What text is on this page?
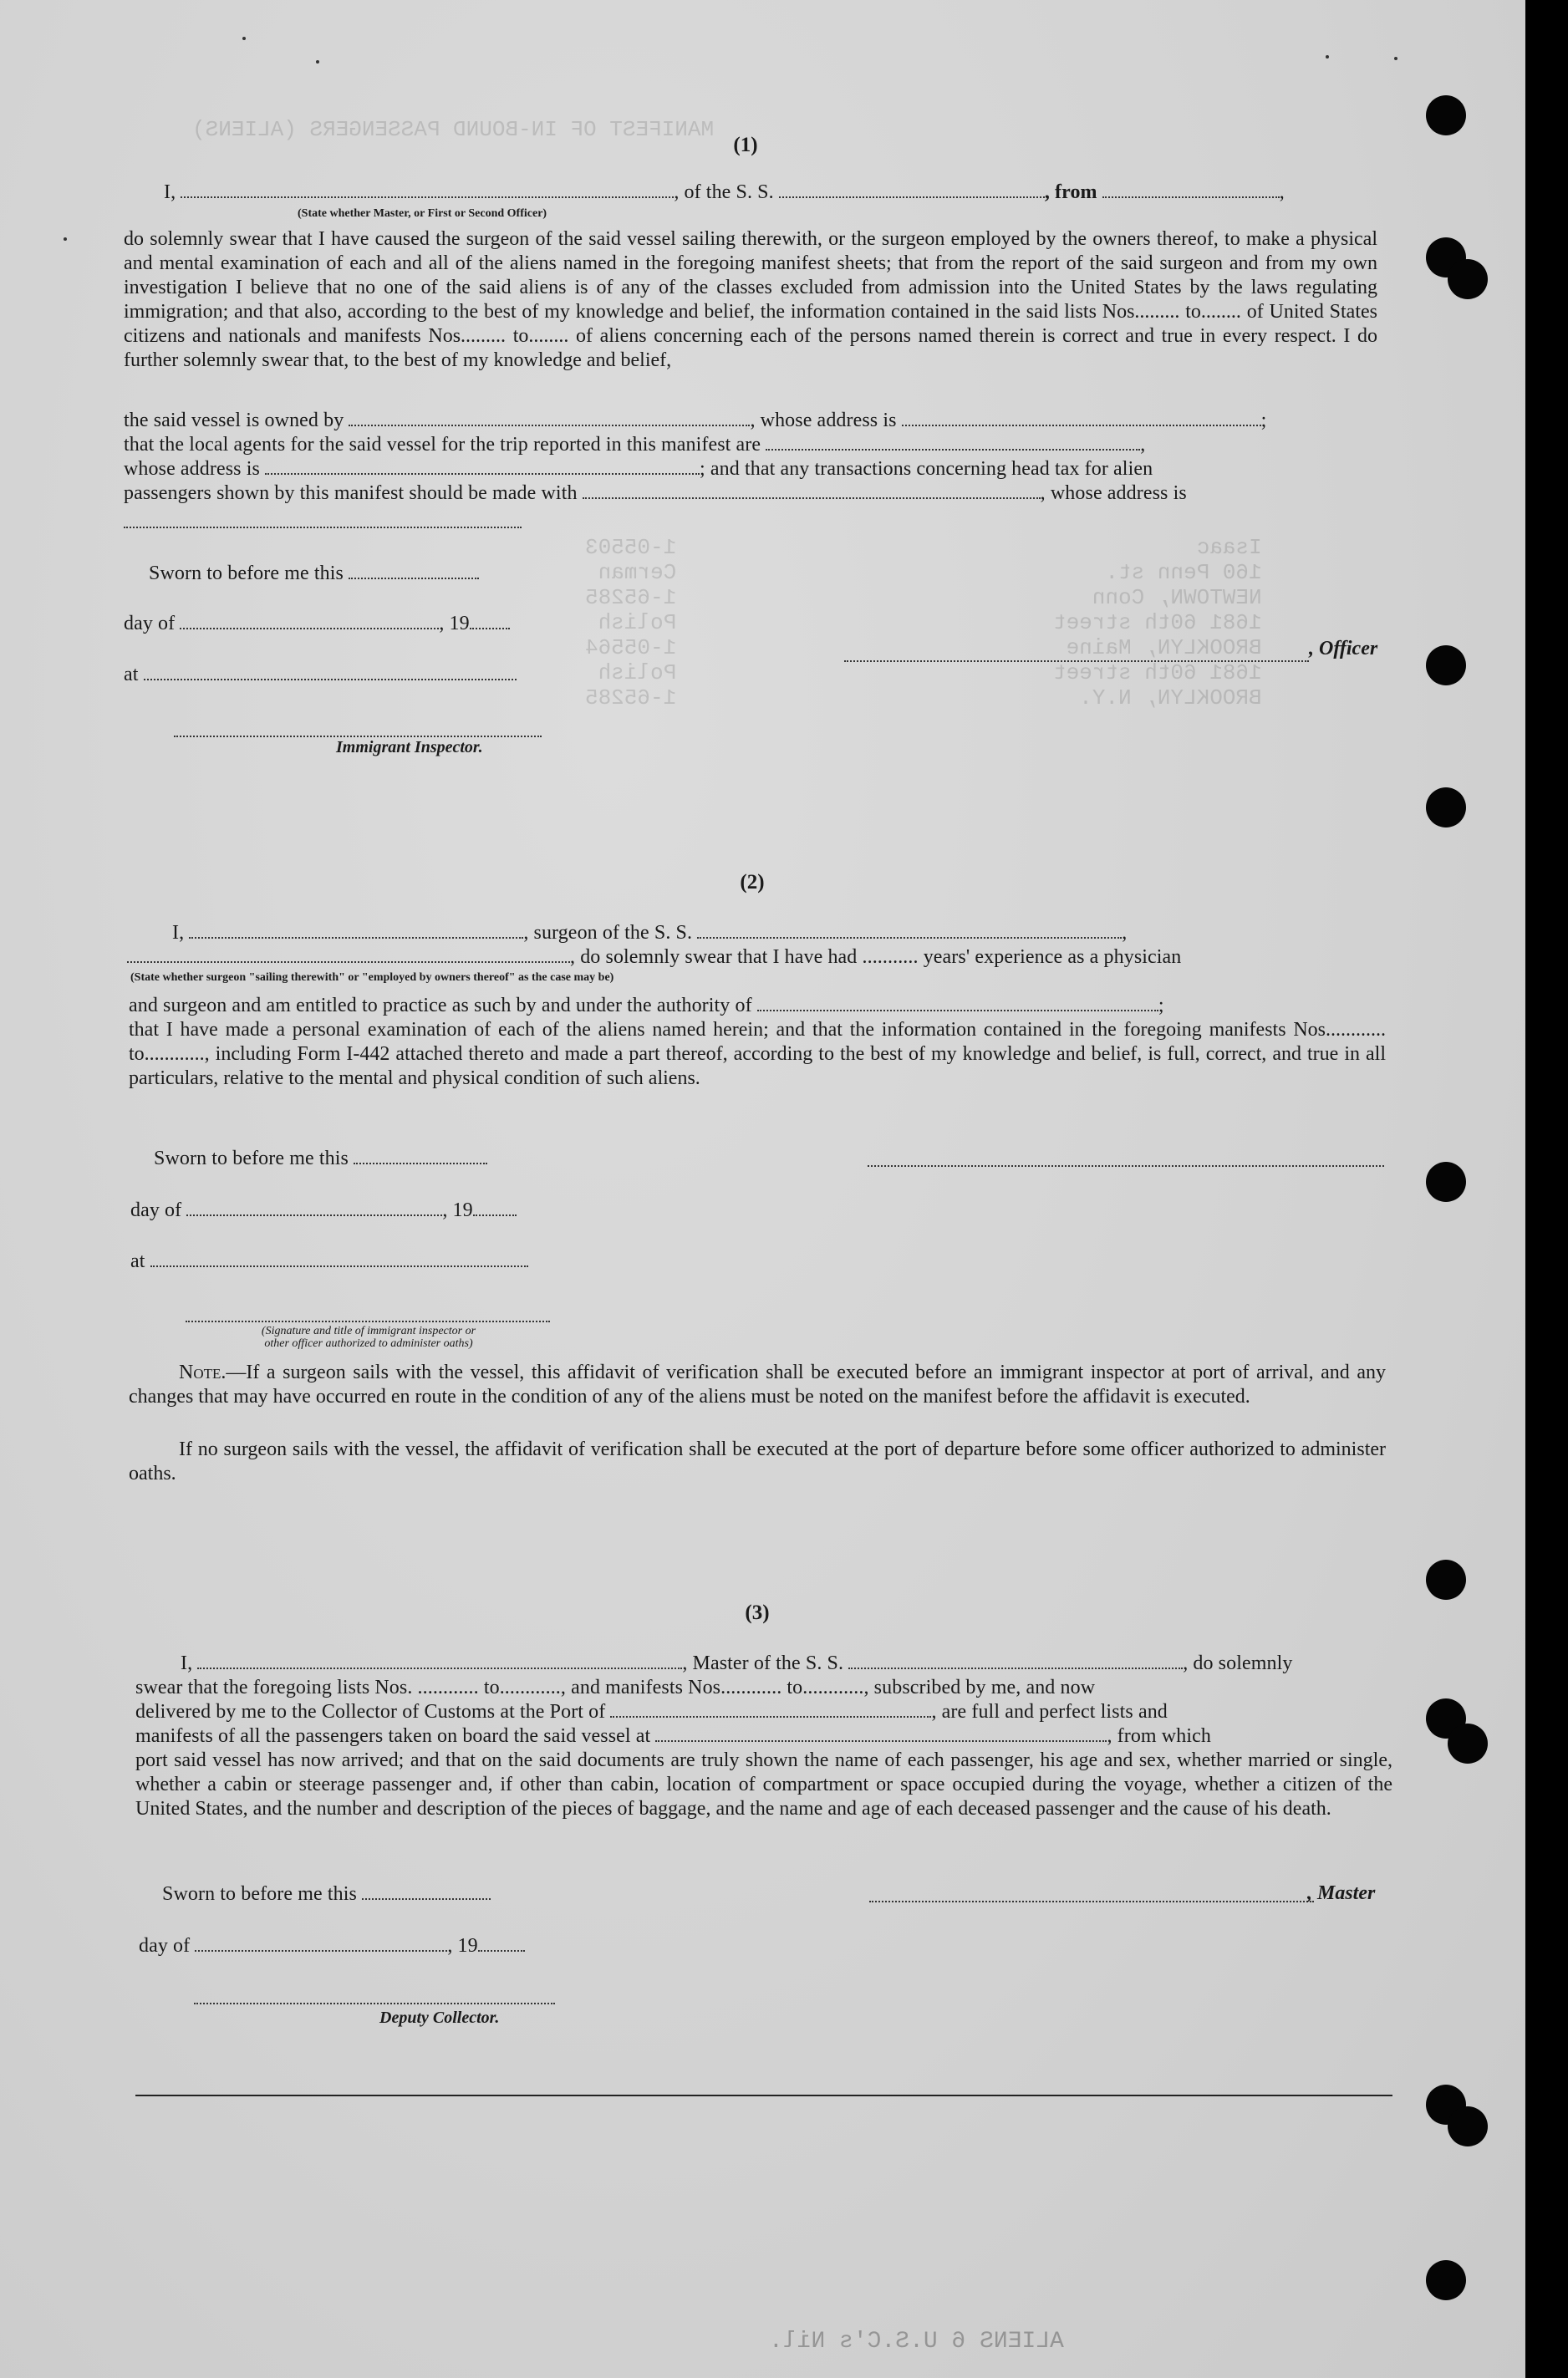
MANIFEST OF IN-BOUND PASSENGERS (ALIENS)
1-05503
Cerman
1-65285
Polish
1-05564
Polish
1-65285
Isaac
160 Penn st.
NEWTOWN, Conn
1681 60th street
BROOKLYN, Maine
1681 60th street
BROOKLYN, N.Y.
(1)
I,	, of the S. S.	, from	,
(State whether Master, or First or Second Officer)
do solemnly swear that I have caused the surgeon of the said vessel sailing therewith, or the surgeon employed by the owners thereof, to make a physical and mental examination of each and all of the aliens named in the foregoing manifest sheets; that from the report of the said surgeon and from my own investigation I believe that no one of the said aliens is of any of the classes excluded from admission into the United States by the laws regulating immigration; and that also, according to the best of my knowledge and belief, the information contained in the said lists Nos......... to........ of United States citizens and nationals and manifests Nos......... to........ of aliens concerning each of the persons named therein is correct and true in every respect. I do further solemnly swear that, to the best of my knowledge and belief,
the said vessel is owned by	, whose address is	;
that the local agents for the said vessel for the trip reported in this manifest are	,
whose address is	; and that any transactions concerning head tax for alien
passengers shown by this manifest should be made with	, whose address is
Sworn to before me this
day of	, 19
at
Immigrant Inspector.
, Officer
(2)
I,	, surgeon of the S. S.	,
, do solemnly swear that I have had ........... years' experience as a physician
(State whether surgeon "sailing therewith" or "employed by owners thereof" as the case may be)
and surgeon and am entitled to practice as such by and under the authority of	;
that I have made a personal examination of each of the aliens named herein; and that the information contained in the foregoing manifests Nos............ to............, including Form I-442 attached thereto and made a part thereof, according to the best of my knowledge and belief, is full, correct, and true in all particulars, relative to the mental and physical condition of such aliens.
Sworn to before me this
day of	, 19
at
(Signature and title of immigrant inspector or
other officer authorized to administer oaths)
Note.—If a surgeon sails with the vessel, this affidavit of verification shall be executed before an immigrant inspector at port of arrival, and any changes that may have occurred en route in the condition of any of the aliens must be noted on the manifest before the affidavit is executed.
If no surgeon sails with the vessel, the affidavit of verification shall be executed at the port of departure before some officer authorized to administer oaths.
(3)
I,	, Master of the S. S.	, do solemnly
swear that the foregoing lists Nos. ............ to............, and manifests Nos............ to............, subscribed by me, and now
delivered by me to the Collector of Customs at the Port of	, are full and perfect lists and
manifests of all the passengers taken on board the said vessel at	, from which
port said vessel has now arrived; and that on the said documents are truly shown the name of each passenger, his age and sex, whether married or single, whether a cabin or steerage passenger and, if other than cabin, location of compartment or space occupied during the voyage, whether a citizen of the United States, and the number and description of the pieces of baggage, and the name and age of each deceased passenger and the cause of his death.
Sworn to before me this	, Master
day of	, 19
Deputy Collector.
ALIENS 6 U.S.C's Nil.
